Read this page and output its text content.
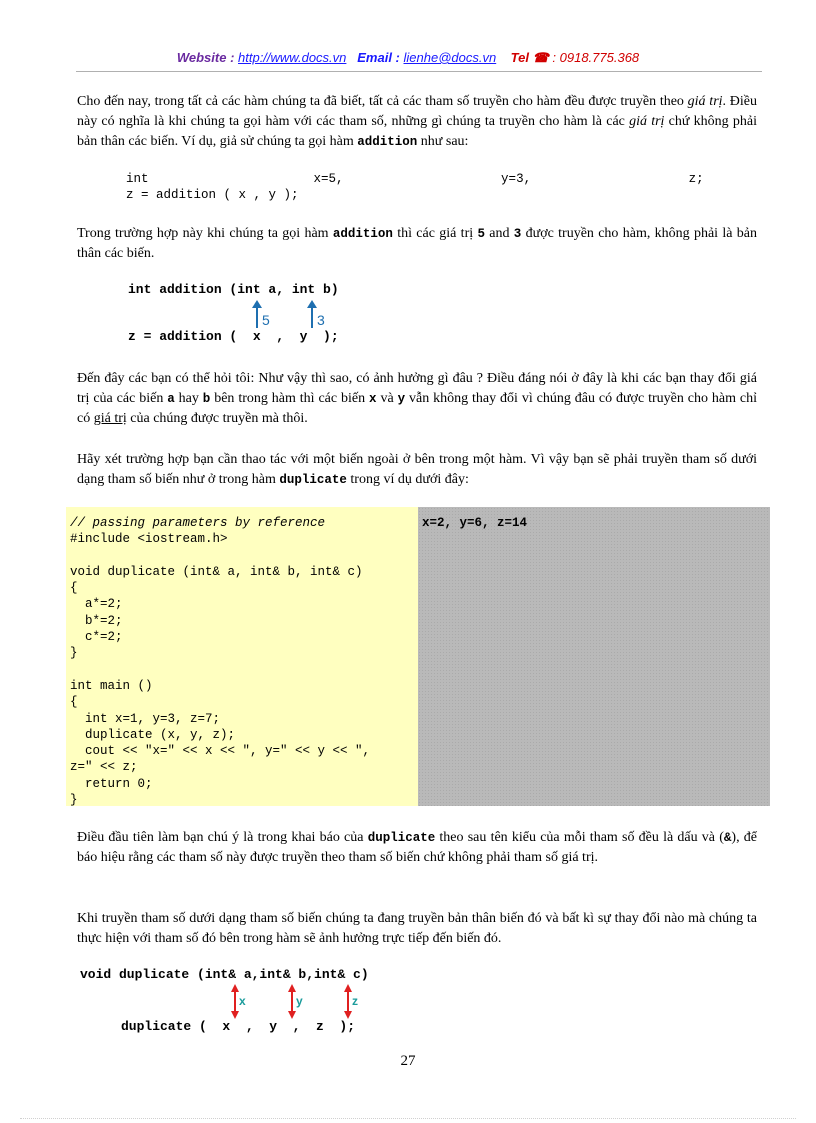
Website : http://www.docs.vn Email : lienhe@docs.vn Tel ☎ : 0918.775.368
Cho đến nay, trong tất cả các hàm chúng ta đã biết, tất cả các tham số truyền cho hàm đều được truyền theo giá trị. Điều này có nghĩa là khi chúng ta gọi hàm với các tham số, những gì chúng ta truyền cho hàm là các giá trị chứ không phải bản thân các biến. Ví dụ, giả sử chúng ta gọi hàm addition như sau:
int                      x=5,                     y=3,                     z;
z = addition ( x , y );
Trong trường hợp này khi chúng ta gọi hàm addition thì các giá trị 5 and 3 được truyền cho hàm, không phải là bản thân các biến.
int addition (int a, int b)
z = addition (  x  ,  y  );
5	3
Đến đây các bạn có thể hỏi tôi: Như vậy thì sao, có ảnh hưởng gì đâu ? Điều đáng nói ở đây là khi các bạn thay đổi giá trị của các biến a hay b bên trong hàm thì các biến x và y vẫn không thay đổi vì chúng đâu có được truyền cho hàm chỉ có giá trị của chúng được truyền mà thôi.
Hãy xét trường hợp bạn cần thao tác với một biến ngoài ở bên trong một hàm. Vì vậy bạn sẽ phải truyền tham số dưới dạng tham số biến như ở trong hàm duplicate trong ví dụ dưới đây:
// passing parameters by reference
#include <iostream.h>

void duplicate (int& a, int& b, int& c)
{
a*=2;
b*=2;
c*=2;
}

int main ()
{
int x=1, y=3, z=7;
duplicate (x, y, z);
cout << "x=" << x << ", y=" << y << ",
z=" << z;
return 0;
}
x=2, y=6, z=14
Điều đầu tiên làm bạn chú ý là trong khai báo của duplicate theo sau tên kiểu của mỗi tham số đều là dấu và (&), để báo hiệu rằng các tham số này được truyền theo tham số biến chứ không phải tham số giá trị.
Khi truyền tham số dưới dạng tham số biến chúng ta đang truyền bản thân biến đó và bất kì sự thay đổi nào mà chúng ta thực hiện với tham số đó bên trong hàm sẽ ảnh hưởng trực tiếp đến biến đó.
void duplicate (int& a,int& b,int& c)
duplicate (  x  ,  y  ,  z  );
x	y	z
27
